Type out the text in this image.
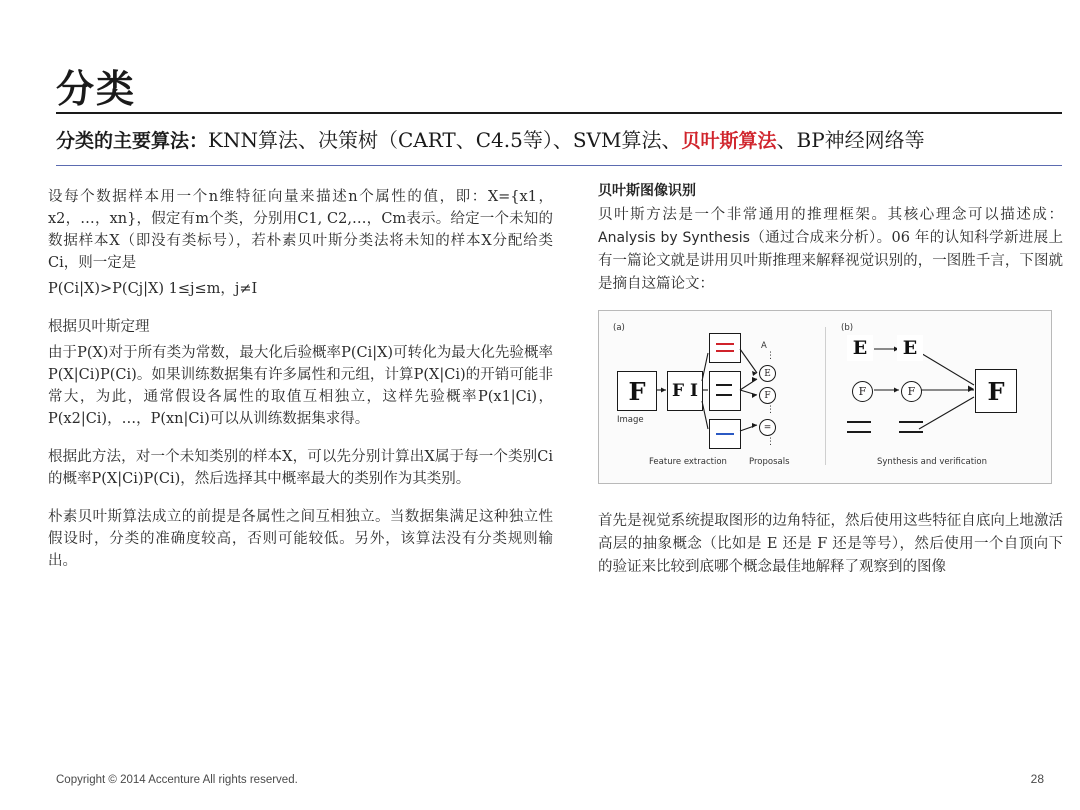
分类
分类的主要算法：KNN算法、决策树（CART、C4.5等）、SVM算法、贝叶斯算法、BP神经网络等

设每个数据样本用一个n维特征向量来描述n个属性的值，即：X={x1，x2，…，xn}，假定有m个类，分别用C1, C2,…，Cm表示。给定一个未知的数据样本X（即没有类标号），若朴素贝叶斯分类法将未知的样本X分配给类Ci，则一定是

P(Ci|X)>P(Cj|X) 1≤j≤m，j≠I

根据贝叶斯定理

由于P(X)对于所有类为常数，最大化后验概率P(Ci|X)可转化为最大化先验概率P(X|Ci)P(Ci)。如果训练数据集有许多属性和元组，计算P(X|Ci)的开销可能非常大，为此，通常假设各属性的取值互相独立，这样先验概率P(x1|Ci)，P(x2|Ci)，…，P(xn|Ci)可以从训练数据集求得。

根据此方法，对一个未知类别的样本X，可以先分别计算出X属于每一个类别Ci的概率P(X|Ci)P(Ci)，然后选择其中概率最大的类别作为其类别。

朴素贝叶斯算法成立的前提是各属性之间互相独立。当数据集满足这种独立性假设时，分类的准确度较高，否则可能较低。另外，该算法没有分类规则输出。

贝叶斯图像识别

贝叶斯方法是一个非常通用的推理框架。其核心理念可以描述成：Analysis by Synthesis（通过合成来分析）。06 年的认知科学新进展上有一篇论文就是讲用贝叶斯推理来解释视觉识别的，一图胜千言，下图就是摘自这篇论文：

(a)	(b)
F
Image
F I
A
⋮
E
F
⋮
=
⋮
E	E
F	F	F
Feature extraction	Proposals	Synthesis and verification

首先是视觉系统提取图形的边角特征，然后使用这些特征自底向上地激活高层的抽象概念（比如是 E 还是 F 还是等号），然后使用一个自顶向下的验证来比较到底哪个概念最佳地解释了观察到的图像

Copyright © 2014 Accenture All rights reserved.	28
